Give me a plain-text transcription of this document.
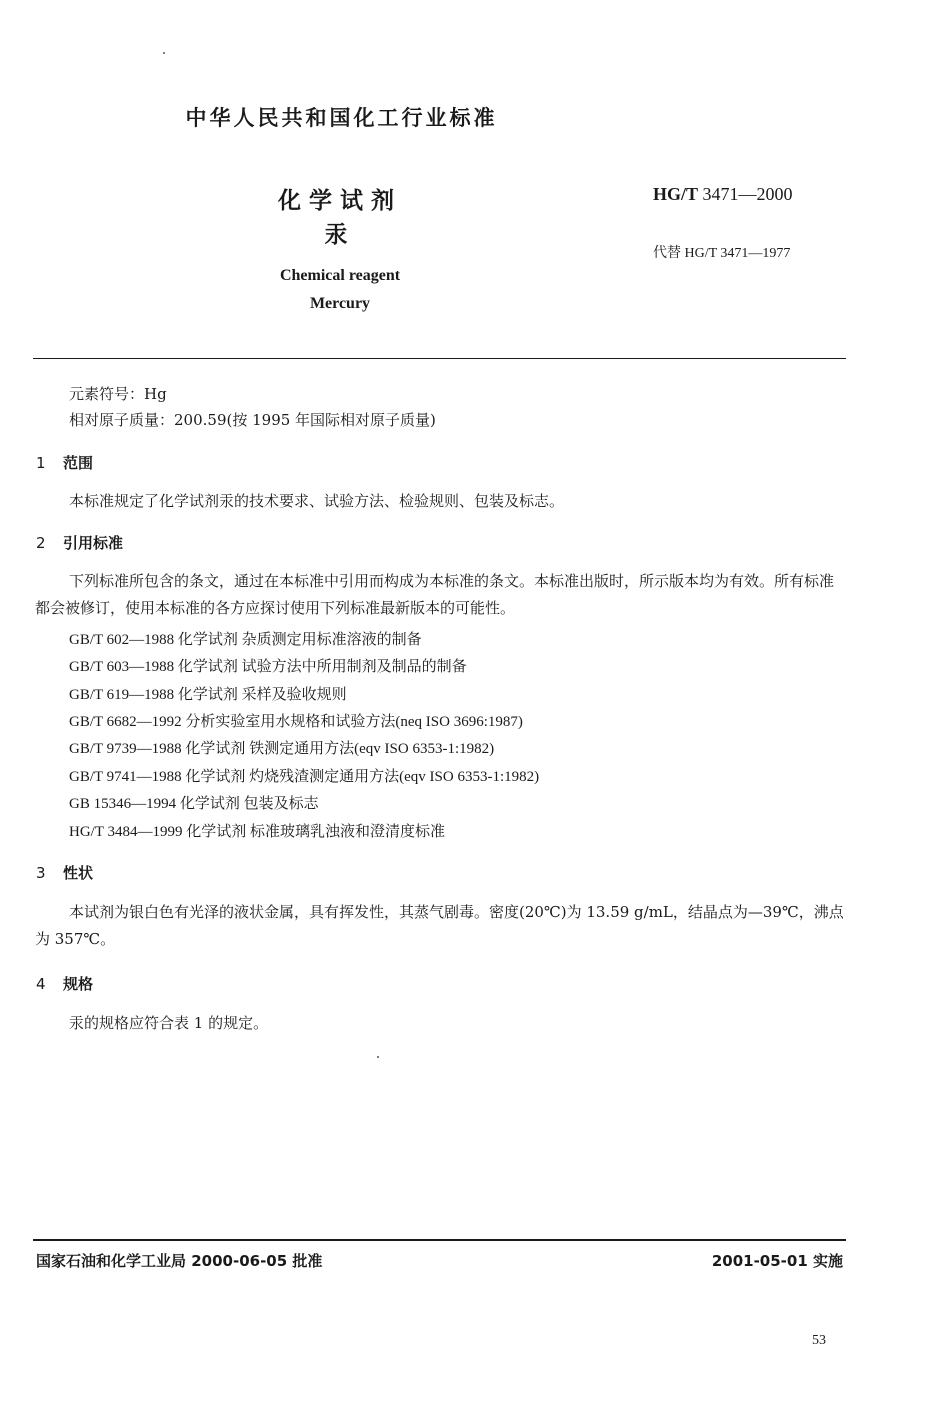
中华人民共和国化工行业标准
化学试剂
汞
Chemical reagent
Mercury
HG/T 3471—2000
代替 HG/T 3471—1977
元素符号：Hg
相对原子质量：200.59(按 1995 年国际相对原子质量)
1 范围
本标准规定了化学试剂汞的技术要求、试验方法、检验规则、包装及标志。
2 引用标准
下列标准所包含的条文，通过在本标准中引用而构成为本标准的条文。本标准出版时，所示版本均为有效。所有标准都会被修订，使用本标准的各方应探讨使用下列标准最新版本的可能性。
GB/T 602—1988 化学试剂 杂质测定用标准溶液的制备
GB/T 603—1988 化学试剂 试验方法中所用制剂及制品的制备
GB/T 619—1988 化学试剂 采样及验收规则
GB/T 6682—1992 分析实验室用水规格和试验方法(neq ISO 3696:1987)
GB/T 9739—1988 化学试剂 铁测定通用方法(eqv ISO 6353-1:1982)
GB/T 9741—1988 化学试剂 灼烧残渣测定通用方法(eqv ISO 6353-1:1982)
GB 15346—1994 化学试剂 包装及标志
HG/T 3484—1999 化学试剂 标准玻璃乳浊液和澄清度标准
3 性状
本试剂为银白色有光泽的液状金属，具有挥发性，其蒸气剧毒。密度(20℃)为 13.59 g/mL，结晶点为—39℃，沸点为 357℃。
4 规格
汞的规格应符合表 1 的规定。
国家石油和化学工业局 2000-06-05 批准	2001-05-01 实施
53
